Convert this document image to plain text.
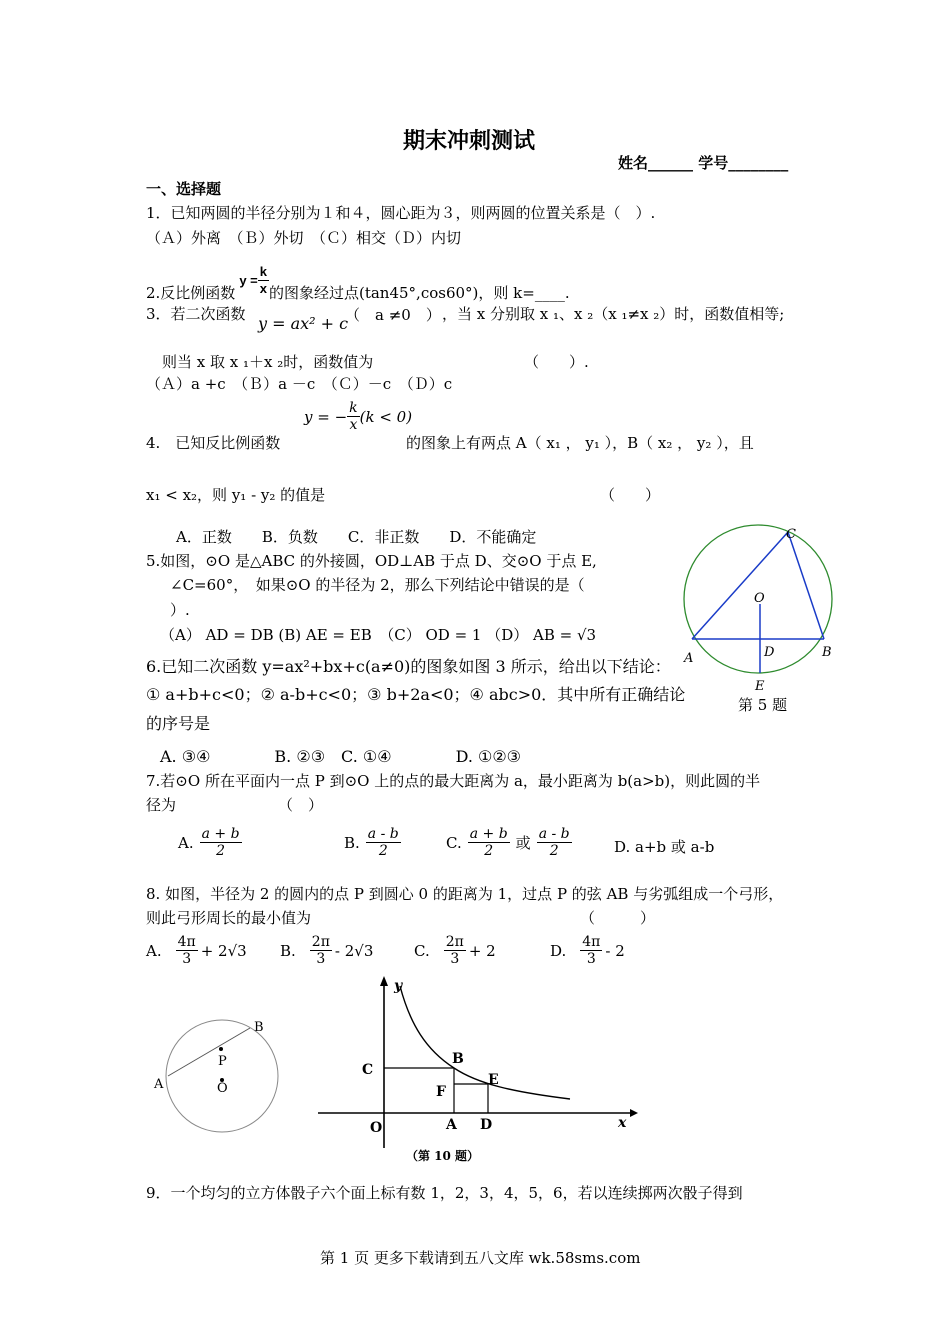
期末冲刺测试
姓名______ 学号________
一、选择题
1．已知两圆的半径分别为１和４，圆心距为３，则两圆的位置关系是（　）.
（Ａ）外离　（Ｂ）外切　（Ｃ）相交（Ｄ）内切
2.反比例函数
$y = \frac{k}{x}$ 的图象经过点(tan45°,cos60°)，则 k=____.
3．若二次函数 y = ax² + c
（　a ≠0　） ，当 x 分别取 x ₁、x ₂（x ₁≠x ₂）时，函数值相等;
则当 x 取 x ₁＋x ₂时，函数值为	（　　）.
（Ａ）a +c　（Ｂ）a －c　（Ｃ）－c　（Ｄ）c
y = − $\frac{k}{x} (k < 0)$
4.　已知反比例函数	的图象上有两点 A（ x₁ ， y₁ ），B（ x₂ ， y₂ ），且
x₁ < x₂，则 y₁ - y₂ 的值是	（　　）
A．正数　　B．负数　　C．非正数　　D．不能确定
5.如图，⊙O 是△ABC 的外接圆，OD⊥AB 于点 D、交⊙O 于点 E,
∠C=60°，　如果⊙O 的半径为 2，那么下列结论中错误的是（
）.
（A） AD = DB (B) AE = EB　（C） OD = 1 （D） AB = √3
C
O
A	D	B
E
第 5 题
6.已知二次函数 y=ax²+bx+c(a≠0)的图象如图 3 所示，给出以下结论：
① a+b+c<0；② a-b+c<0；③ b+2a<0；④ abc>0．其中所有正确结论
的序号是
A. ③④　　　　B. ②③　C. ①④　　　　D. ①②③
7.若⊙O 所在平面内一点 P 到⊙O 上的点的最大距离为 a，最小距离为 b(a>b)，则此圆的半
径为	（　）
A. $\frac{a + b}{2}$	B. $\frac{a - b}{2}$	C. $\frac{a + b}{2}$ 或 $\frac{a - b}{2}$	D. a+b 或 a-b
8. 如图，半径为 2 的圆内的点 P 到圆心 0 的距离为 1，过点 P 的弦 AB 与劣弧组成一个弓形，
则此弓形周长的最小值为	（　　　）
A. $\frac{4\pi}{3} + 2√3$ B. $\frac{2\pi}{3} - 2√3$	C. $\frac{2\pi}{3} + 2$	D. $\frac{4\pi}{3} - 2$
B
P
A	O
y
C
B
E
F
O	A D	x
（第 10 题）
9．一个均匀的立方体骰子六个面上标有数 1，2，3，4，5，6，若以连续掷两次骰子得到
第 1 页 更多下载请到五八文库 wk.58sms.com
